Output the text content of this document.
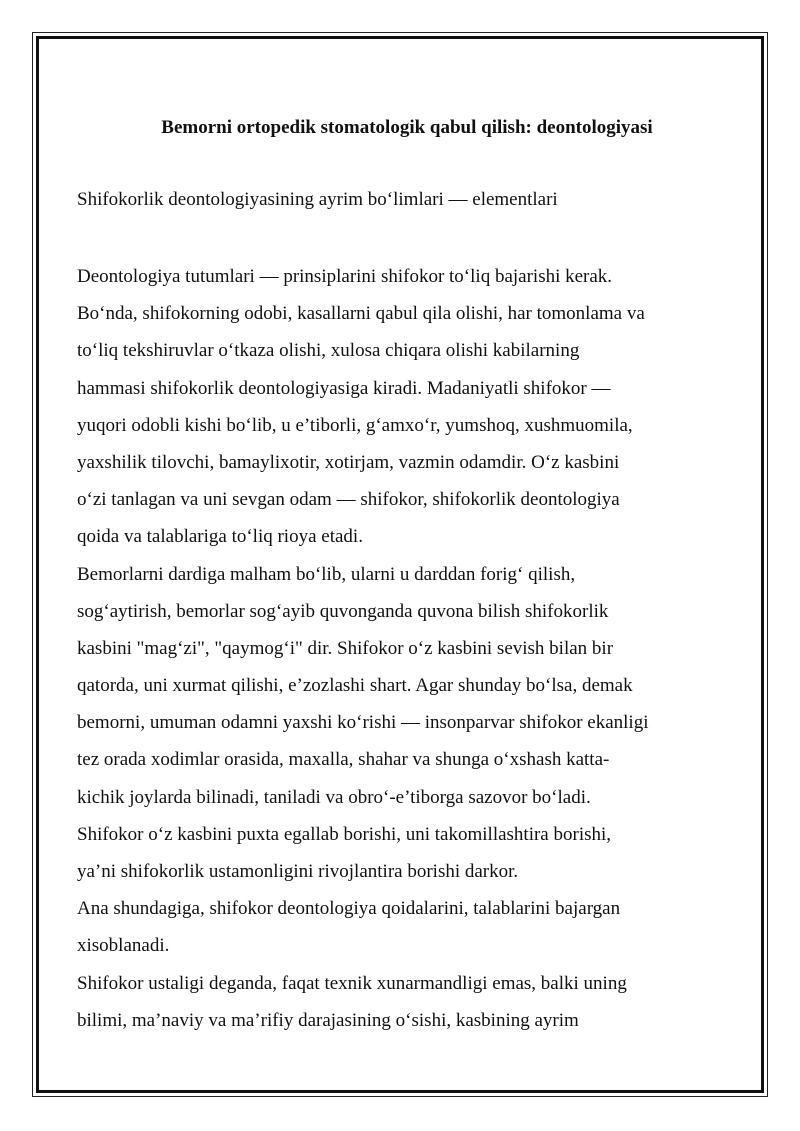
Bemorni ortopedik stomatologik qabul qilish: deontologiyasi

Shifokorlik deontologiyasining ayrim bo‘limlari — elementlari

Deontologiya tutumlari — prinsiplarini shifokor to‘liq bajarishi kerak.
Bo‘nda, shifokorning odobi, kasallarni qabul qila olishi, har tomonlama va
to‘liq tekshiruvlar o‘tkaza olishi, xulosa chiqara olishi kabilarning
hammasi shifokorlik deontologiyasiga kiradi. Madaniyatli shifokor —
yuqori odobli kishi bo‘lib, u e’tiborli, g‘amxo‘r, yumshoq, xushmuomila,
yaxshilik tilovchi, bamaylixotir, xotirjam, vazmin odamdir. O‘z kasbini
o‘zi tanlagan va uni sevgan odam — shifokor, shifokorlik deontologiya
qoida va talablariga to‘liq rioya etadi.
Bemorlarni dardiga malham bo‘lib, ularni u darddan forig‘ qilish,
sog‘aytirish, bemorlar sog‘ayib quvonganda quvona bilish shifokorlik
kasbini "mag‘zi", "qaymog‘i" dir. Shifokor o‘z kasbini sevish bilan bir
qatorda, uni xurmat qilishi, e’zozlashi shart. Agar shunday bo‘lsa, demak
bemorni, umuman odamni yaxshi ko‘rishi — insonparvar shifokor ekanligi
tez orada xodimlar orasida, maxalla, shahar va shunga o‘xshash katta-
kichik joylarda bilinadi, taniladi va obro‘-e’tiborga sazovor bo‘ladi.
Shifokor o‘z kasbini puxta egallab borishi, uni takomillashtira borishi,
ya’ni shifokorlik ustamonligini rivojlantira borishi darkor.
Ana shundagiga, shifokor deontologiya qoidalarini, talablarini bajargan
xisoblanadi.
Shifokor ustaligi deganda, faqat texnik xunarmandligi emas, balki uning
bilimi, ma’naviy va ma’rifiy darajasining o‘sishi, kasbining ayrim
